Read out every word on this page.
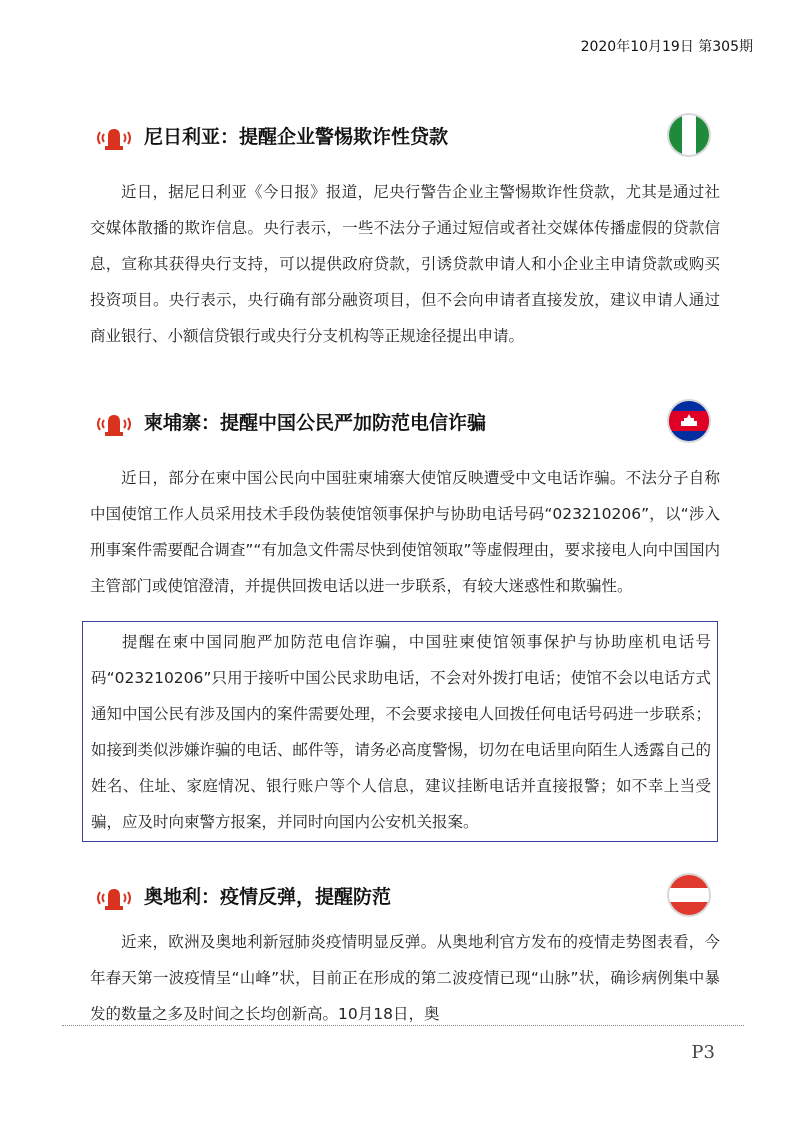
2020年10月19日 第305期
尼日利亚：提醒企业警惕欺诈性贷款

近日，据尼日利亚《今日报》报道，尼央行警告企业主警惕欺诈性贷款，尤其是通过社交媒体散播的欺诈信息。央行表示，一些不法分子通过短信或者社交媒体传播虚假的贷款信息，宣称其获得央行支持，可以提供政府贷款，引诱贷款申请人和小企业主申请贷款或购买投资项目。央行表示，央行确有部分融资项目，但不会向申请者直接发放，建议申请人通过商业银行、小额信贷银行或央行分支机构等正规途径提出申请。

柬埔寨：提醒中国公民严加防范电信诈骗

近日，部分在柬中国公民向中国驻柬埔寨大使馆反映遭受中文电话诈骗。不法分子自称中国使馆工作人员采用技术手段伪装使馆领事保护与协助电话号码“023210206”，以“涉入刑事案件需要配合调查”“有加急文件需尽快到使馆领取”等虚假理由，要求接电人向中国国内主管部门或使馆澄清，并提供回拨电话以进一步联系，有较大迷惑性和欺骗性。

提醒在柬中国同胞严加防范电信诈骗，中国驻柬使馆领事保护与协助座机电话号码“023210206”只用于接听中国公民求助电话，不会对外拨打电话；使馆不会以电话方式通知中国公民有涉及国内的案件需要处理，不会要求接电人回拨任何电话号码进一步联系；如接到类似涉嫌诈骗的电话、邮件等，请务必高度警惕，切勿在电话里向陌生人透露自己的姓名、住址、家庭情况、银行账户等个人信息，建议挂断电话并直接报警；如不幸上当受骗，应及时向柬警方报案，并同时向国内公安机关报案。

奥地利：疫情反弹，提醒防范

近来，欧洲及奥地利新冠肺炎疫情明显反弹。从奥地利官方发布的疫情走势图表看，今年春天第一波疫情呈“山峰”状，目前正在形成的第二波疫情已现“山脉”状，确诊病例集中暴发的数量之多及时间之长均创新高。10月18日，奥

P3
